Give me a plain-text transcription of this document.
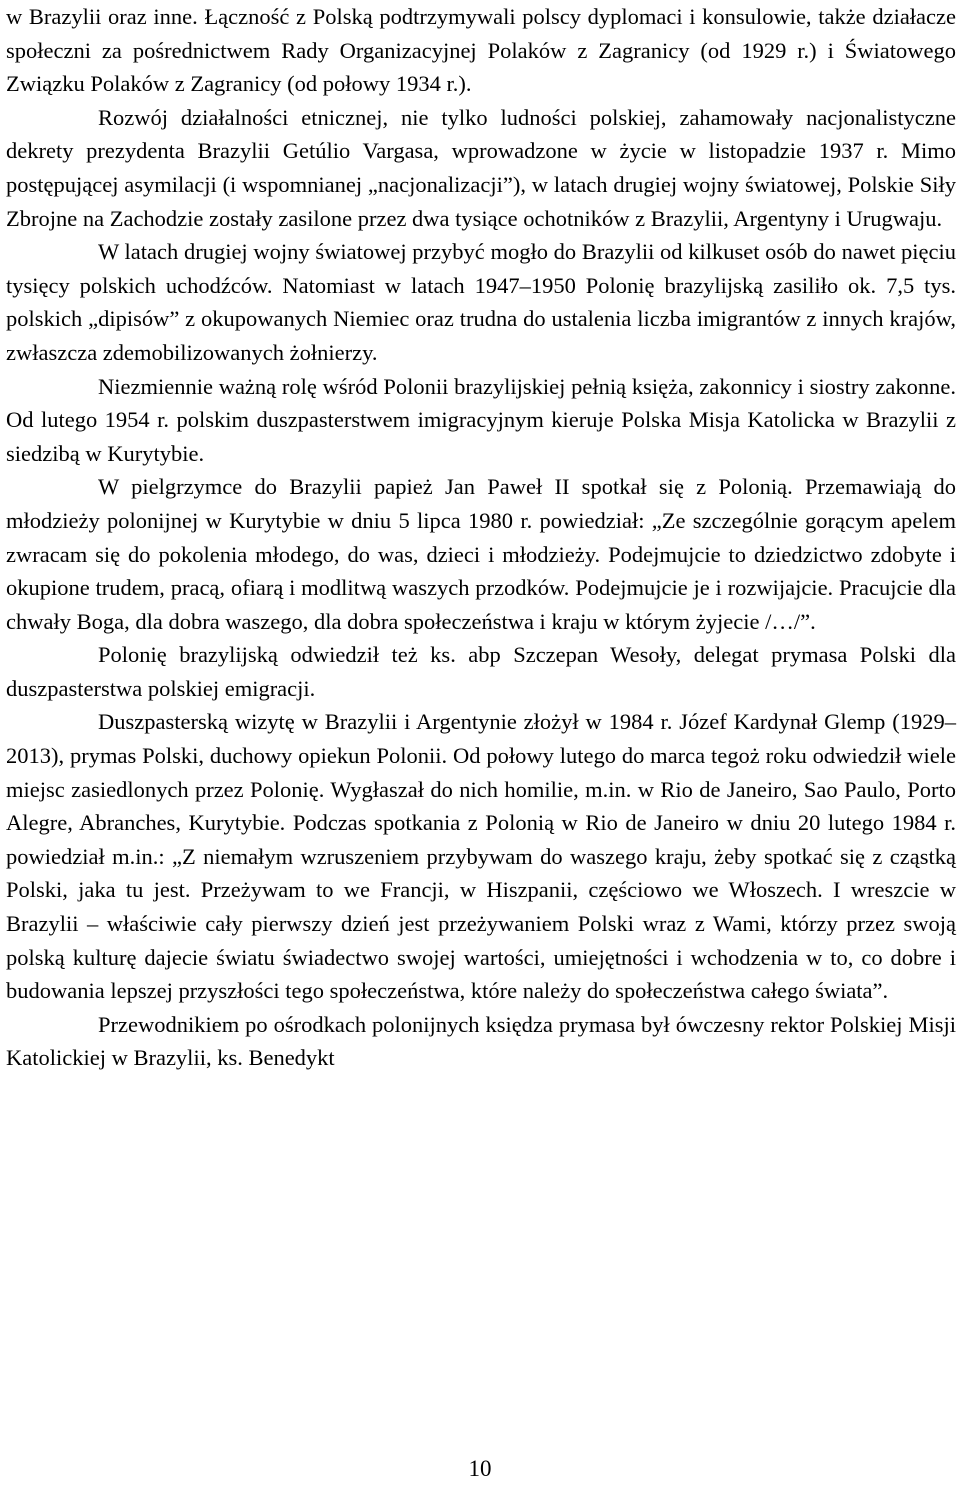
w Brazylii oraz inne. Łączność z Polską podtrzymywali polscy dyplomaci i konsulowie, także działacze społeczni za pośrednictwem Rady Organizacyjnej Polaków z Zagranicy (od 1929 r.) i Światowego Związku Polaków z Zagranicy (od połowy 1934 r.).

Rozwój działalności etnicznej, nie tylko ludności polskiej, zahamowały nacjonalistyczne dekrety prezydenta Brazylii Getúlio Vargasa, wprowadzone w życie w listopadzie 1937 r. Mimo postępującej asymilacji (i wspomnianej „nacjonalizacji”), w latach drugiej wojny światowej, Polskie Siły Zbrojne na Zachodzie zostały zasilone przez dwa tysiące ochotników z Brazylii, Argentyny i Urugwaju.

W latach drugiej wojny światowej przybyć mogło do Brazylii od kilkuset osób do nawet pięciu tysięcy polskich uchodźców. Natomiast w latach 1947–1950 Polonię brazylijską zasiliło ok. 7,5 tys. polskich „dipisów” z okupowanych Niemiec oraz trudna do ustalenia liczba imigrantów z innych krajów, zwłaszcza zdemobilizowanych żołnierzy.

Niezmiennie ważną rolę wśród Polonii brazylijskiej pełnią księża, zakonnicy i siostry zakonne. Od lutego 1954 r. polskim duszpasterstwem imigracyjnym kieruje Polska Misja Katolicka w Brazylii z siedzibą w Kurytybie.

W pielgrzymce do Brazylii papież Jan Paweł II spotkał się z Polonią. Przemawiają do młodzieży polonijnej w Kurytybie w dniu 5 lipca 1980 r. powiedział: „Ze szczególnie gorącym apelem zwracam się do pokolenia młodego, do was, dzieci i młodzieży. Podejmujcie to dziedzictwo zdobyte i okupione trudem, pracą, ofiarą i modlitwą waszych przodków. Podejmujcie je i rozwijajcie. Pracujcie dla chwały Boga, dla dobra waszego, dla dobra społeczeństwa i kraju w którym żyjecie /…/”.

Polonię brazylijską odwiedził też ks. abp Szczepan Wesoły, delegat prymasa Polski dla duszpasterstwa polskiej emigracji.

Duszpasterską wizytę w Brazylii i Argentynie złożył w 1984 r. Józef Kardynał Glemp (1929–2013), prymas Polski, duchowy opiekun Polonii. Od połowy lutego do marca tegoż roku odwiedził wiele miejsc zasiedlonych przez Polonię. Wygłaszał do nich homilie, m.in. w Rio de Janeiro, Sao Paulo, Porto Alegre, Abranches, Kurytybie. Podczas spotkania z Polonią w Rio de Janeiro w dniu 20 lutego 1984 r. powiedział m.in.: „Z niemałym wzruszeniem przybywam do waszego kraju, żeby spotkać się z cząstką Polski, jaka tu jest. Przeżywam to we Francji, w Hiszpanii, częściowo we Włoszech. I wreszcie w Brazylii – właściwie cały pierwszy dzień jest przeżywaniem Polski wraz z Wami, którzy przez swoją polską kulturę dajecie światu świadectwo swojej wartości, umiejętności i wchodzenia w to, co dobre i budowania lepszej przyszłości tego społeczeństwa, które należy do społeczeństwa całego świata”.

Przewodnikiem po ośrodkach polonijnych księdza prymasa był ówczesny rektor Polskiej Misji Katolickiej w Brazylii, ks. Benedykt

10
